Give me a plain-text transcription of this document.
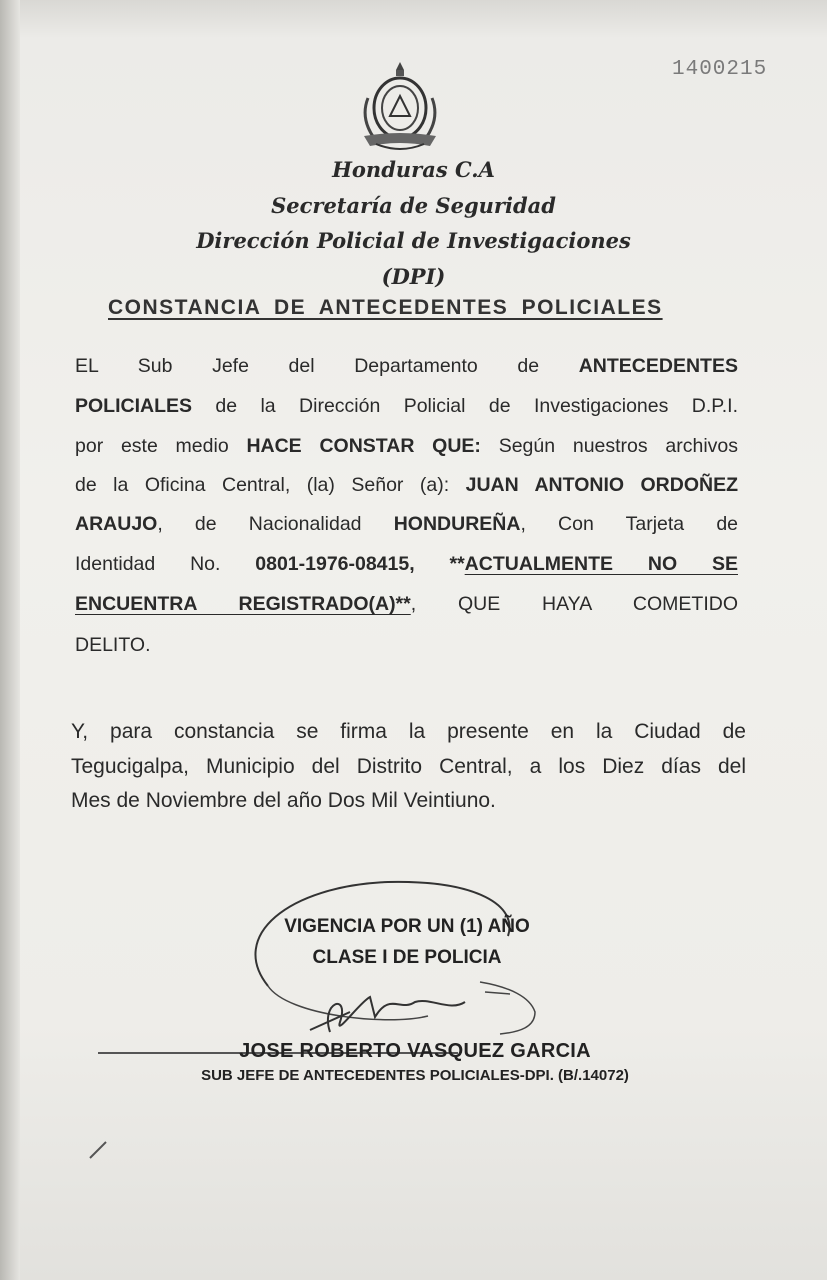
1400215
Honduras C.A
Secretaría de Seguridad
Dirección Policial de Investigaciones
(DPI)
CONSTANCIA DE ANTECEDENTES POLICIALES
EL Sub Jefe del Departamento de ANTECEDENTES
POLICIALES de la Dirección Policial de Investigaciones D.P.I.
por este medio HACE CONSTAR QUE: Según nuestros archivos
de la Oficina Central, (la) Señor (a): JUAN ANTONIO ORDOÑEZ
ARAUJO, de Nacionalidad HONDUREÑA, Con Tarjeta de
Identidad No. 0801-1976-08415, **ACTUALMENTE NO SE
ENCUENTRA REGISTRADO(A)**, QUE HAYA COMETIDO
DELITO.
Y, para constancia se firma la presente en la Ciudad de
Tegucigalpa, Municipio del Distrito Central, a los Diez días del
Mes de Noviembre del año Dos Mil Veintiuno.
VIGENCIA POR UN (1) AÑO
CLASE I DE POLICIA
JOSE ROBERTO VASQUEZ GARCIA
SUB JEFE DE ANTECEDENTES POLICIALES-DPI. (B/.14072)
